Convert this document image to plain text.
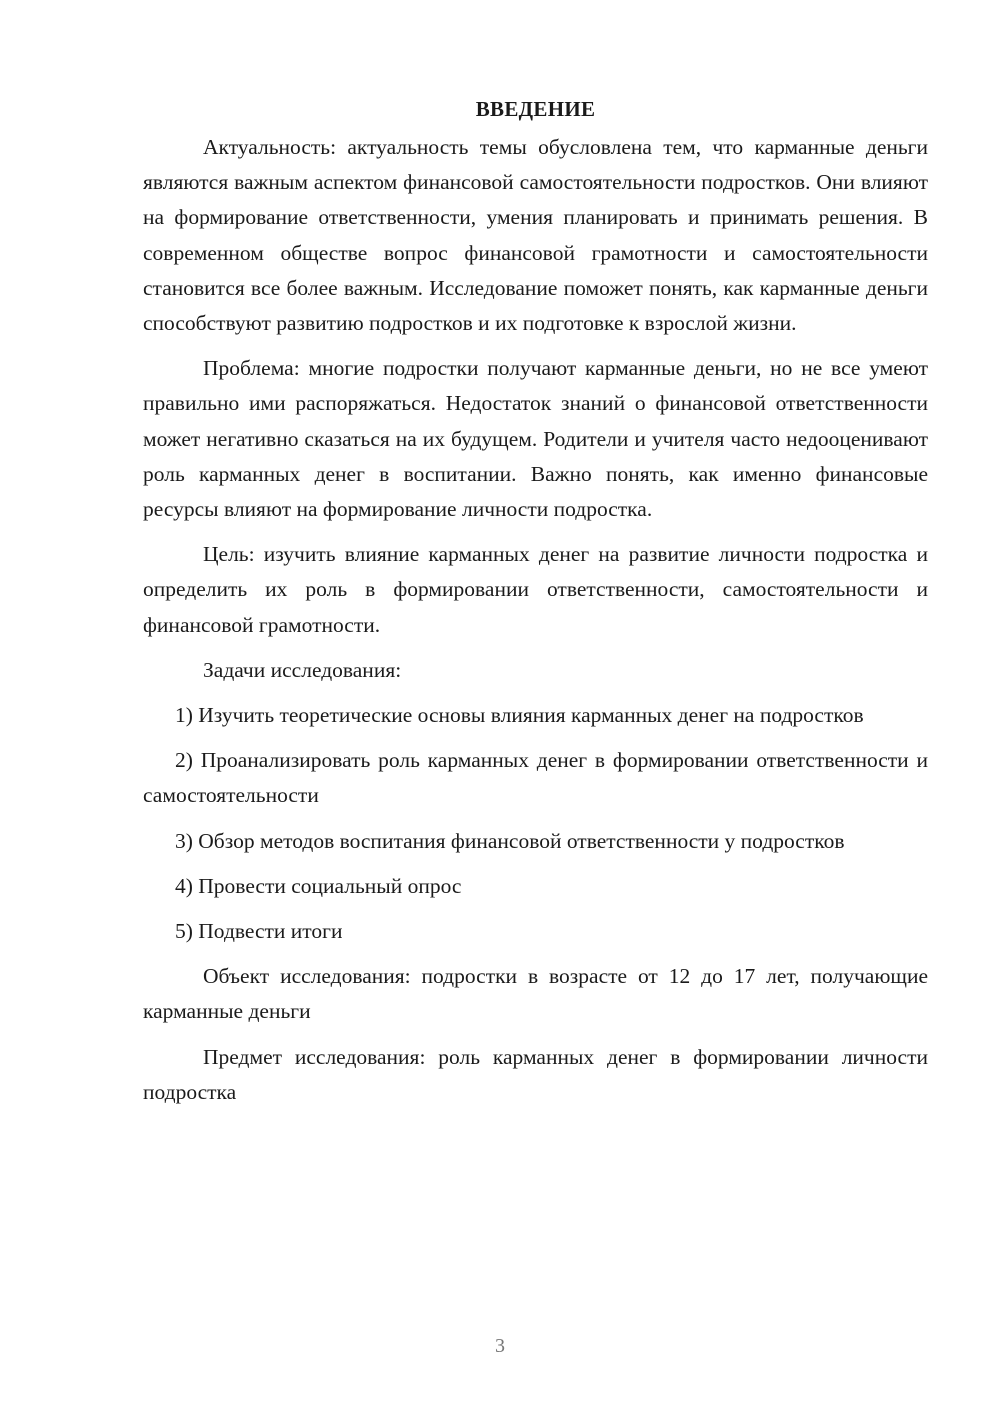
ВВЕДЕНИЕ

Актуальность: актуальность темы обусловлена тем, что карманные деньги являются важным аспектом финансовой самостоятельности подростков. Они влияют на формирование ответственности, умения планировать и принимать решения. В современном обществе вопрос финансовой грамотности и самостоятельности становится все более важным. Исследование поможет понять, как карманные деньги способствуют развитию подростков и их подготовке к взрослой жизни.

Проблема: многие подростки получают карманные деньги, но не все умеют правильно ими распоряжаться. Недостаток знаний о финансовой ответственности может негативно сказаться на их будущем. Родители и учителя часто недооценивают роль карманных денег в воспитании. Важно понять, как именно финансовые ресурсы влияют на формирование личности подростка.

Цель: изучить влияние карманных денег на развитие личности подростка и определить их роль в формировании ответственности, самостоятельности и финансовой грамотности.

Задачи исследования:

1) Изучить теоретические основы влияния карманных денег на подростков

2) Проанализировать роль карманных денег в формировании ответственности и самостоятельности

3) Обзор методов воспитания финансовой ответственности у подростков

4) Провести социальный опрос

5) Подвести итоги

Объект исследования: подростки в возрасте от 12 до 17 лет, получающие карманные деньги

Предмет исследования: роль карманных денег в формировании личности подростка

3
